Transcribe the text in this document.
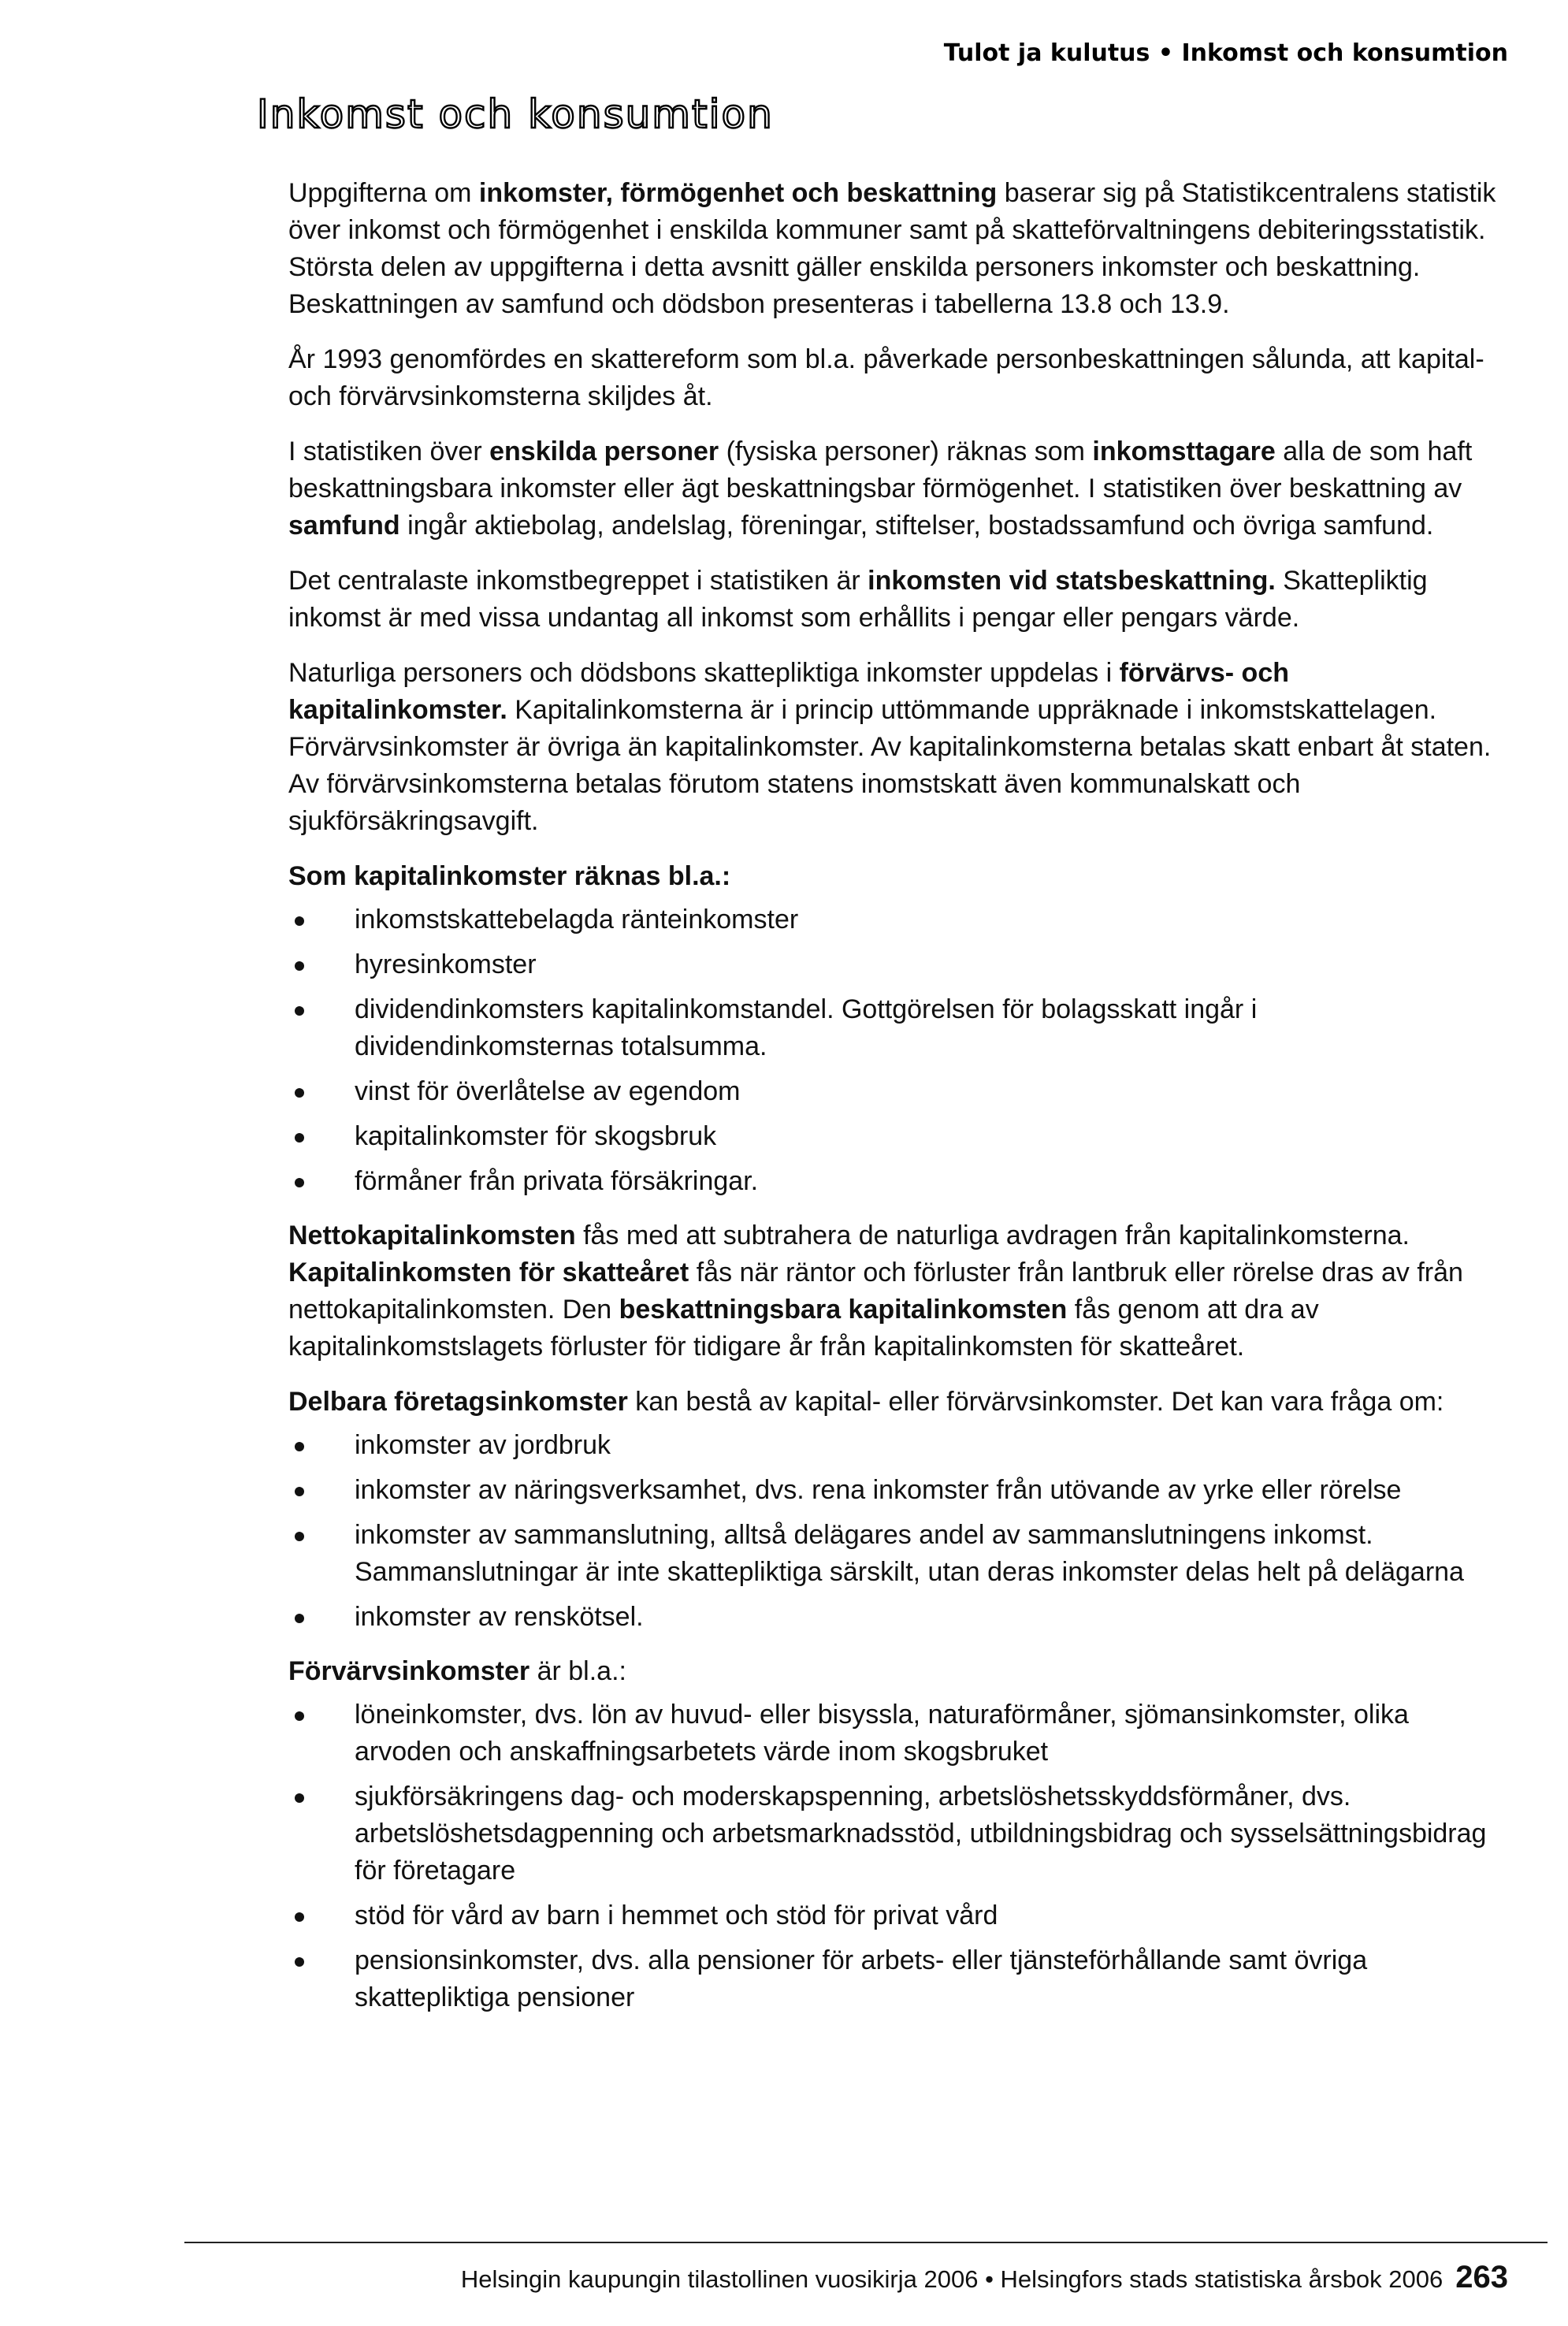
Tulot ja kulutus • Inkomst och konsumtion
Inkomst och konsumtion

Uppgifterna om inkomster, förmögenhet och beskattning baserar sig på Statistikcentralens statistik över inkomst och förmögenhet i enskilda kommuner samt på skatteförvaltningens debiteringsstatistik. Största delen av uppgifterna i detta avsnitt gäller enskilda personers inkomster och beskattning. Beskattningen av samfund och dödsbon presenteras i tabellerna 13.8 och 13.9.

År 1993 genomfördes en skattereform som bl.a. påverkade personbeskattningen sålunda, att kapital- och förvärvsinkomsterna skiljdes åt.

I statistiken över enskilda personer (fysiska personer) räknas som inkomsttagare alla de som haft beskattningsbara inkomster eller ägt beskattningsbar förmögenhet. I statistiken över beskattning av samfund ingår aktiebolag, andelslag, föreningar, stiftelser, bostadssamfund och övriga samfund.

Det centralaste inkomstbegreppet i statistiken är inkomsten vid statsbeskattning. Skattepliktig inkomst är med vissa undantag all inkomst som erhållits i pengar eller pengars värde.

Naturliga personers och dödsbons skattepliktiga inkomster uppdelas i förvärvs- och kapitalinkomster. Kapitalinkomsterna är i princip uttömmande uppräknade i inkomstskattelagen. Förvärvsinkomster är övriga än kapitalinkomster. Av kapitalinkomsterna betalas skatt enbart åt staten. Av förvärvsinkomsterna betalas förutom statens inomstskatt även kommunalskatt och sjukförsäkringsavgift.

Som kapitalinkomster räknas bl.a.:

inkomstskattebelagda ränteinkomster
hyresinkomster
dividendinkomsters kapitalinkomstandel. Gottgörelsen för bolagsskatt ingår i dividendinkomsternas totalsumma.
vinst för överlåtelse av egendom
kapitalinkomster för skogsbruk
förmåner från privata försäkringar.

Nettokapitalinkomsten fås med att subtrahera de naturliga avdragen från kapitalinkomsterna. Kapitalinkomsten för skatteåret fås när räntor och förluster från lantbruk eller rörelse dras av från nettokapitalinkomsten. Den beskattningsbara kapitalinkomsten fås genom att dra av kapitalinkomstslagets förluster för tidigare år från kapitalinkomsten för skatteåret.

Delbara företagsinkomster kan bestå av kapital- eller förvärvsinkomster. Det kan vara fråga om:

inkomster av jordbruk
inkomster av näringsverksamhet, dvs. rena inkomster från utövande av yrke eller rörelse
inkomster av sammanslutning, alltså delägares andel av sammanslutningens inkomst. Sammanslutningar är inte skattepliktiga särskilt, utan deras inkomster delas helt på delägarna
inkomster av renskötsel.

Förvärvsinkomster är bl.a.:

löneinkomster, dvs. lön av huvud- eller bisyssla, naturaförmåner, sjömansinkomster, olika arvoden och anskaffningsarbetets värde inom skogsbruket
sjukförsäkringens dag- och moderskapspenning, arbetslöshetsskyddsförmåner, dvs. arbetslöshetsdagpenning och arbetsmarknadsstöd, utbildningsbidrag och sysselsättningsbidrag för företagare
stöd för vård av barn i hemmet och stöd för privat vård
pensionsinkomster, dvs. alla pensioner för arbets- eller tjänsteförhållande samt övriga skattepliktiga pensioner
Helsingin kaupungin tilastollinen vuosikirja 2006 • Helsingfors stads statistiska årsbok 2006 263
